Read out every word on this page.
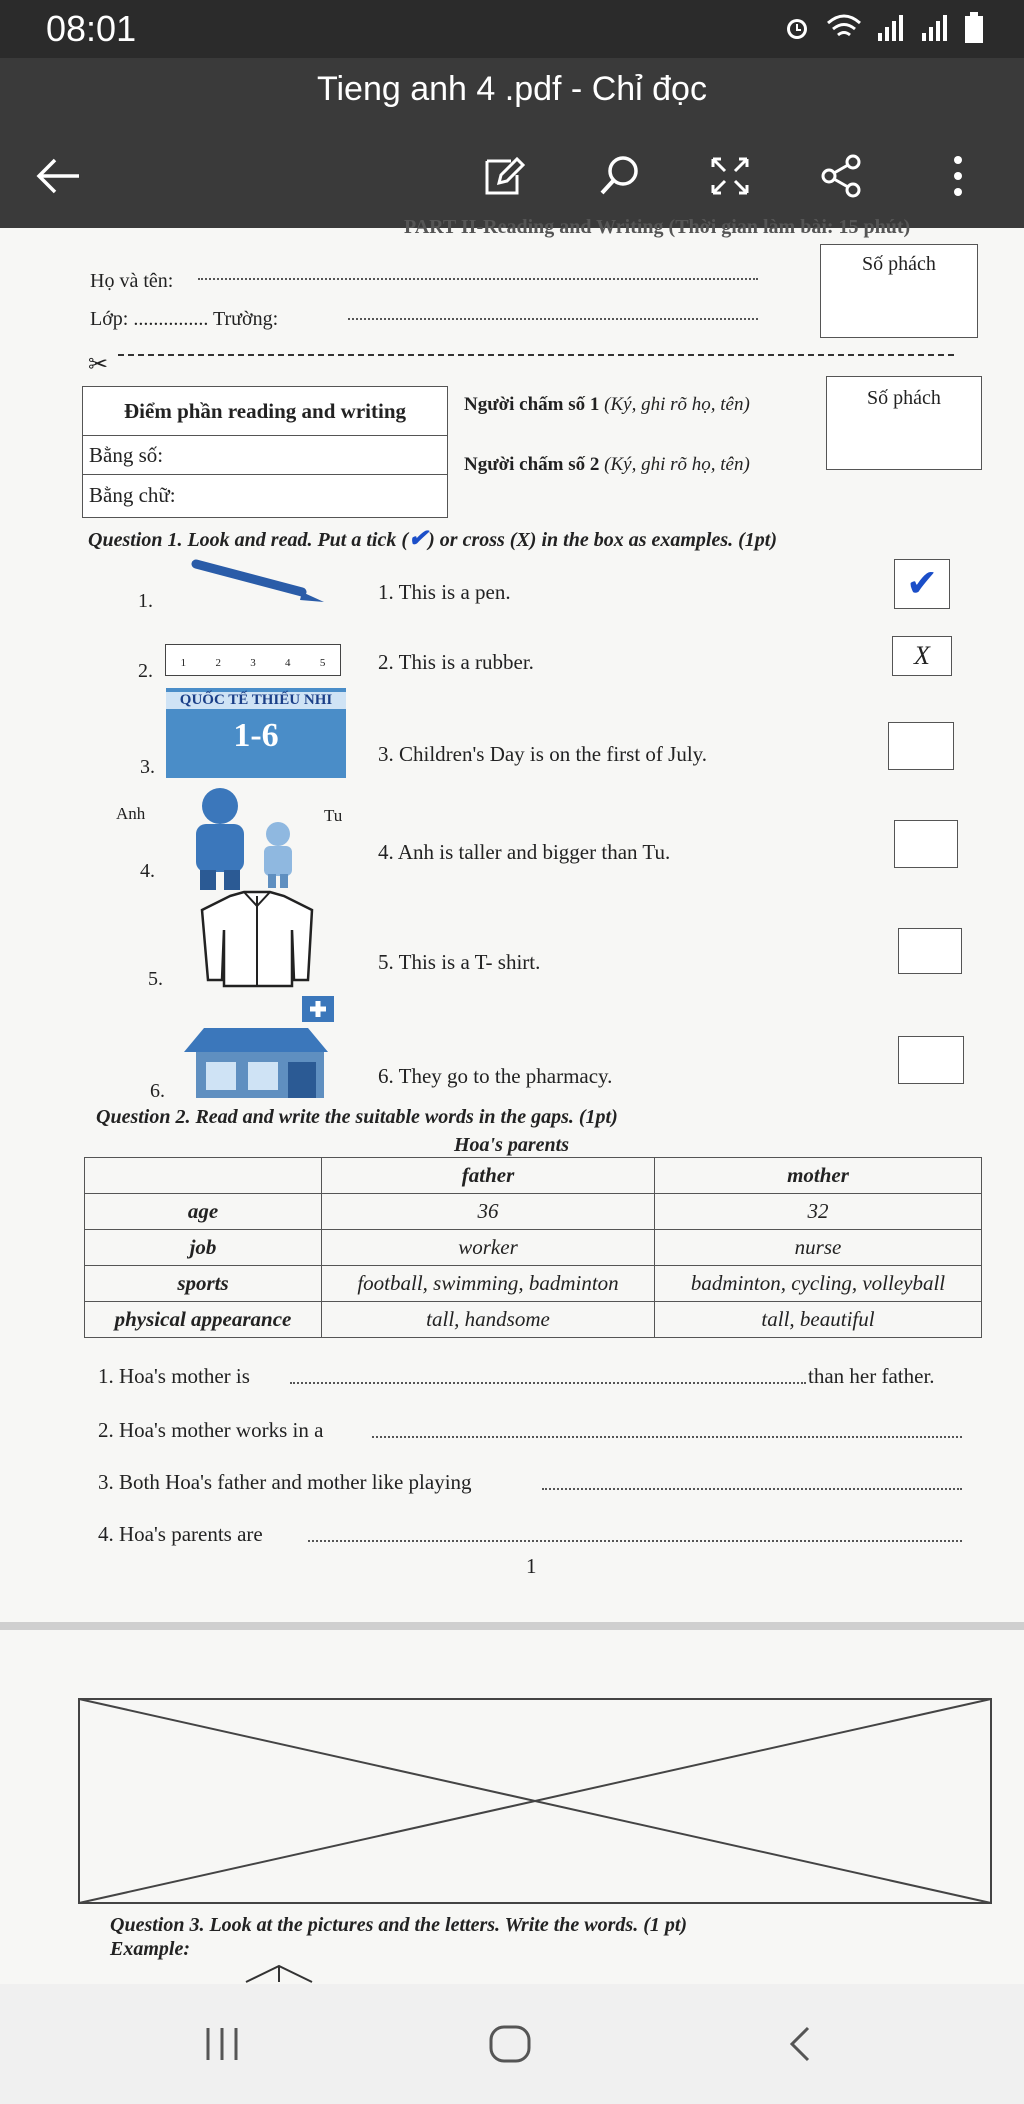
08:01
Tieng anh 4 .pdf - Chỉ đọc
PART II-Reading and Writing (Thời gian làm bài: 15 phút)
Họ và tên:
Lớp: ............... Trường:
Số phách
✂
Điểm phần reading and writing
Bằng số:
Bằng chữ:
Người chấm số 1 (Ký, ghi rõ họ, tên)
Người chấm số 2 (Ký, ghi rõ họ, tên)
Số phách
Question 1. Look and read. Put a tick (✔) or cross (X) in the box as examples. (1pt)
1.	1. This is a pen.	✔
2.	1	2	3	4	5	2. This is a rubber.	X
3.
QUỐC TẾ THIẾU NHI
1-6	3. Children's Day is on the first of July.
4.
Anh	Tu
4. Anh is taller and bigger than Tu.
5.
5. This is a T- shirt.
6.
6. They go to the pharmacy.
Question 2. Read and write the suitable words in the gaps. (1pt)
Hoa's parents
	father	mother
age	36	32
job	worker	nurse
sports	football, swimming, badminton	badminton, cycling, volleyball
physical appearance	tall, handsome	tall, beautiful
1. Hoa's mother is	than her father.
2. Hoa's mother works in a
3. Both Hoa's father and mother like playing
4. Hoa's parents are
1
Question 3. Look at the pictures and the letters. Write the words. (1 pt)
Example:
